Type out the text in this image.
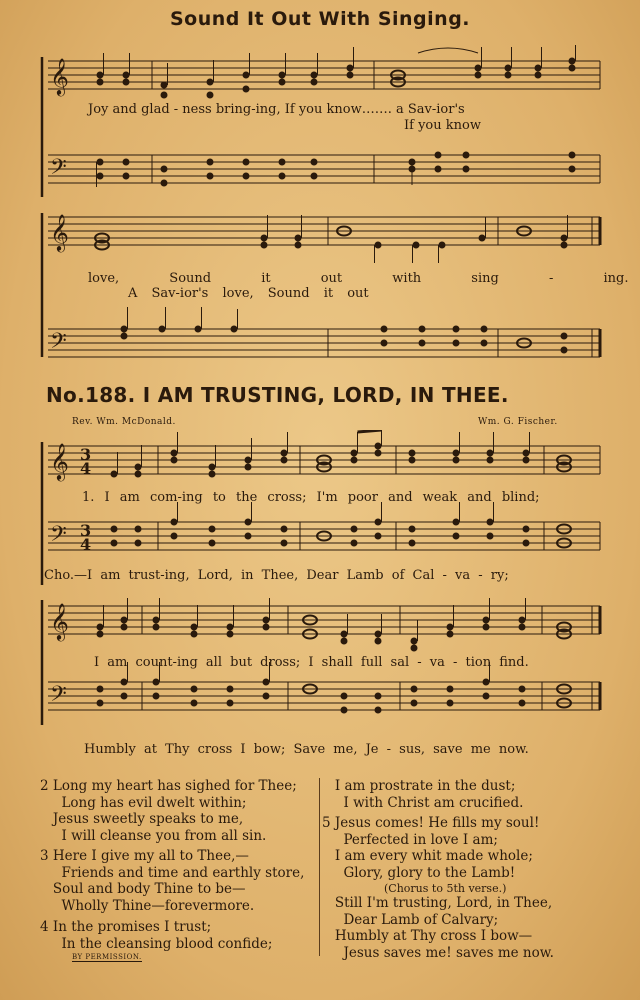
Sound It Out With Singing.
𝄞
𝄢
Joy and glad - ness bring-ing, If you know……. a Sav-ior's
If you know
𝄞
𝄢
love, Sound it out with sing - ing.
A Sav-ior's love, Sound it out
No.188. I AM TRUSTING, LORD, IN THEE.
Rev. Wm. McDonald.	Wm. G. Fischer.
𝄞 3
4
𝄢 3
4
1. I am com-ing to the cross; I'm poor and weak and blind;
Cho.—I am trust-ing, Lord, in Thee, Dear Lamb of Cal - va - ry;
𝄞
𝄢
I am count-ing all but dross; I shall full sal - va - tion find.
Humbly at Thy cross I bow; Save me, Je - sus, save me now.
2 Long my heart has sighed for Thee;
Long has evil dwelt within;
Jesus sweetly speaks to me,
I will cleanse you from all sin.
3 Here I give my all to Thee,—
Friends and time and earthly store,
Soul and body Thine to be—
Wholly Thine—forevermore.
4 In the promises I trust;
In the cleansing blood confide;
I am prostrate in the dust;
I with Christ am crucified.
5 Jesus comes! He fills my soul!
Perfected in love I am;
I am every whit made whole;
Glory, glory to the Lamb!
(Chorus to 5th verse.)
Still I'm trusting, Lord, in Thee,
Dear Lamb of Calvary;
Humbly at Thy cross I bow—
Jesus saves me! saves me now.
BY PERMISSION.
